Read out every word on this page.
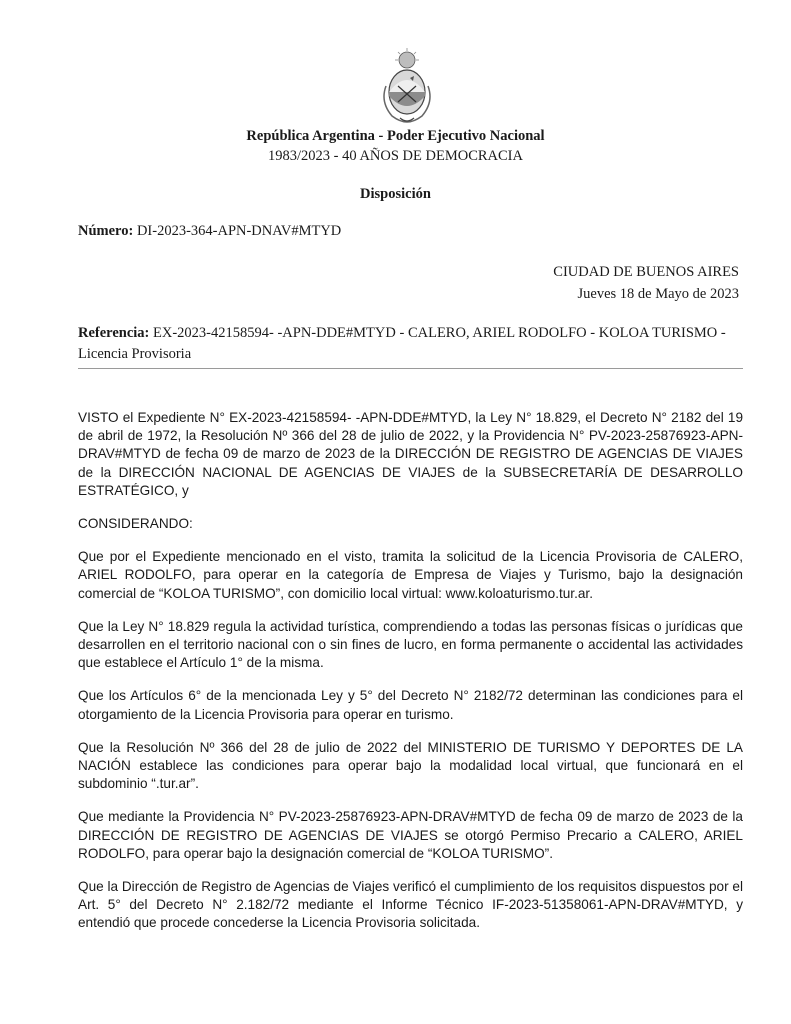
República Argentina - Poder Ejecutivo Nacional
1983/2023 - 40 AÑOS DE DEMOCRACIA
Disposición
Número: DI-2023-364-APN-DNAV#MTYD
CIUDAD DE BUENOS AIRES
Jueves 18 de Mayo de 2023
Referencia: EX-2023-42158594- -APN-DDE#MTYD - CALERO, ARIEL RODOLFO - KOLOA TURISMO - Licencia Provisoria

VISTO el Expediente N° EX-2023-42158594- -APN-DDE#MTYD, la Ley N° 18.829, el Decreto N° 2182 del 19 de abril de 1972, la Resolución Nº 366 del 28 de julio de 2022, y la Providencia N° PV-2023-25876923-APN-DRAV#MTYD de fecha 09 de marzo de 2023 de la DIRECCIÓN DE REGISTRO DE AGENCIAS DE VIAJES de la DIRECCIÓN NACIONAL DE AGENCIAS DE VIAJES de la SUBSECRETARÍA DE DESARROLLO ESTRATÉGICO, y

CONSIDERANDO:

Que por el Expediente mencionado en el visto, tramita la solicitud de la Licencia Provisoria de CALERO, ARIEL RODOLFO, para operar en la categoría de Empresa de Viajes y Turismo, bajo la designación comercial de “KOLOA TURISMO”, con domicilio local virtual: www.koloaturismo.tur.ar.

Que la Ley N° 18.829 regula la actividad turística, comprendiendo a todas las personas físicas o jurídicas que desarrollen en el territorio nacional con o sin fines de lucro, en forma permanente o accidental las actividades que establece el Artículo 1° de la misma.

Que los Artículos 6° de la mencionada Ley y 5° del Decreto N° 2182/72 determinan las condiciones para el otorgamiento de la Licencia Provisoria para operar en turismo.

Que la Resolución Nº 366 del 28 de julio de 2022 del MINISTERIO DE TURISMO Y DEPORTES DE LA NACIÓN establece las condiciones para operar bajo la modalidad local virtual, que funcionará en el subdominio “.tur.ar”.

Que mediante la Providencia N° PV-2023-25876923-APN-DRAV#MTYD de fecha 09 de marzo de 2023 de la DIRECCIÓN DE REGISTRO DE AGENCIAS DE VIAJES se otorgó Permiso Precario a CALERO, ARIEL RODOLFO, para operar bajo la designación comercial de “KOLOA TURISMO”.

Que la Dirección de Registro de Agencias de Viajes verificó el cumplimiento de los requisitos dispuestos por el Art. 5° del Decreto N° 2.182/72 mediante el Informe Técnico IF-2023-51358061-APN-DRAV#MTYD, y entendió que procede concederse la Licencia Provisoria solicitada.
